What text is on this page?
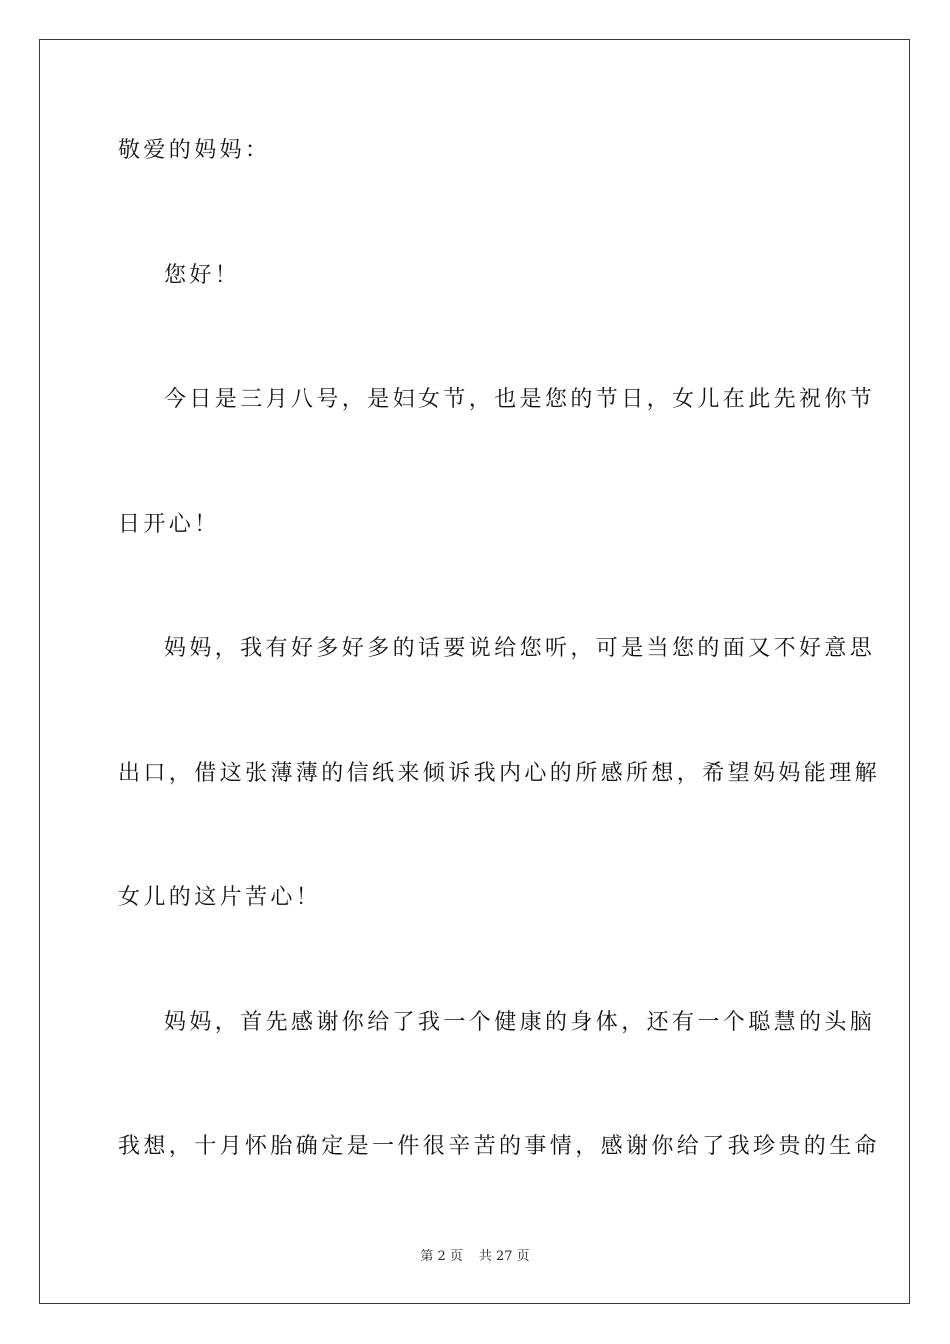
敬爱的妈妈：
您好！
今日是三月八号，是妇女节，也是您的节日，女儿在此先祝你节
日开心！
妈妈，我有好多好多的话要说给您听，可是当您的面又不好意思
出口，借这张薄薄的信纸来倾诉我内心的所感所想，希望妈妈能理解
女儿的这片苦心！
妈妈，首先感谢你给了我一个健康的身体，还有一个聪慧的头脑
我想，十月怀胎确定是一件很辛苦的事情，感谢你给了我珍贵的生命
第 2 页 共 27 页
